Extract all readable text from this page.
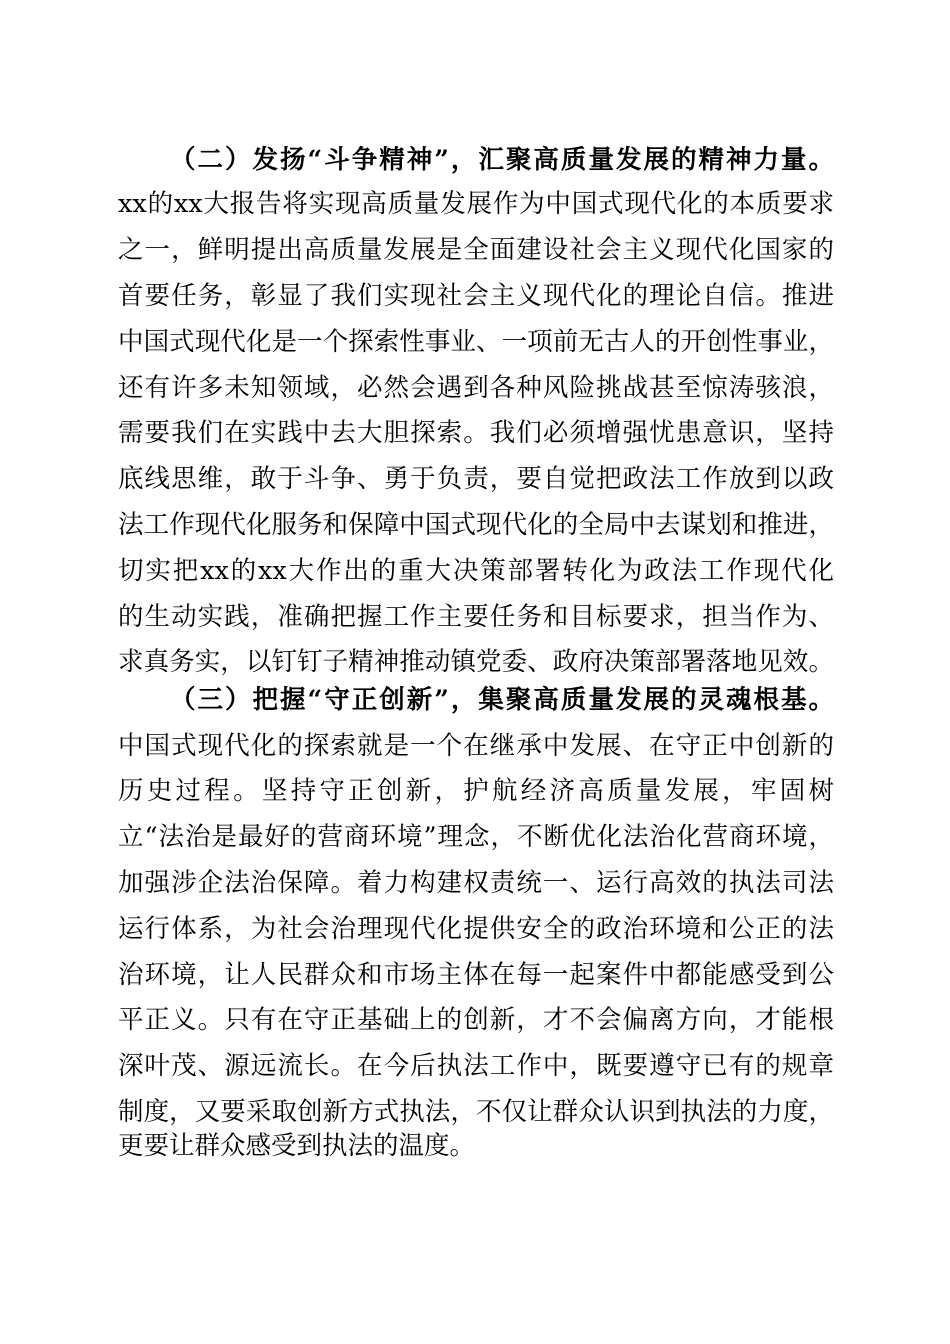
（二）发扬“斗争精神”，汇聚高质量发展的精神力量。
xx的xx大报告将实现高质量发展作为中国式现代化的本质要求
之一，鲜明提出高质量发展是全面建设社会主义现代化国家的
首要任务，彰显了我们实现社会主义现代化的理论自信。推进
中国式现代化是一个探索性事业、一项前无古人的开创性事业，
还有许多未知领域，必然会遇到各种风险挑战甚至惊涛骇浪，
需要我们在实践中去大胆探索。我们必须增强忧患意识，坚持
底线思维，敢于斗争、勇于负责，要自觉把政法工作放到以政
法工作现代化服务和保障中国式现代化的全局中去谋划和推进，
切实把xx的xx大作出的重大决策部署转化为政法工作现代化
的生动实践，准确把握工作主要任务和目标要求，担当作为、
求真务实，以钉钉子精神推动镇党委、政府决策部署落地见效。
（三）把握“守正创新”，集聚高质量发展的灵魂根基。
中国式现代化的探索就是一个在继承中发展、在守正中创新的
历史过程。坚持守正创新，护航经济高质量发展，牢固树
立“法治是最好的营商环境”理念，不断优化法治化营商环境，
加强涉企法治保障。着力构建权责统一、运行高效的执法司法
运行体系，为社会治理现代化提供安全的政治环境和公正的法
治环境，让人民群众和市场主体在每一起案件中都能感受到公
平正义。只有在守正基础上的创新，才不会偏离方向，才能根
深叶茂、源远流长。在今后执法工作中，既要遵守已有的规章
制度，又要采取创新方式执法，不仅让群众认识到执法的力度，
更要让群众感受到执法的温度。
